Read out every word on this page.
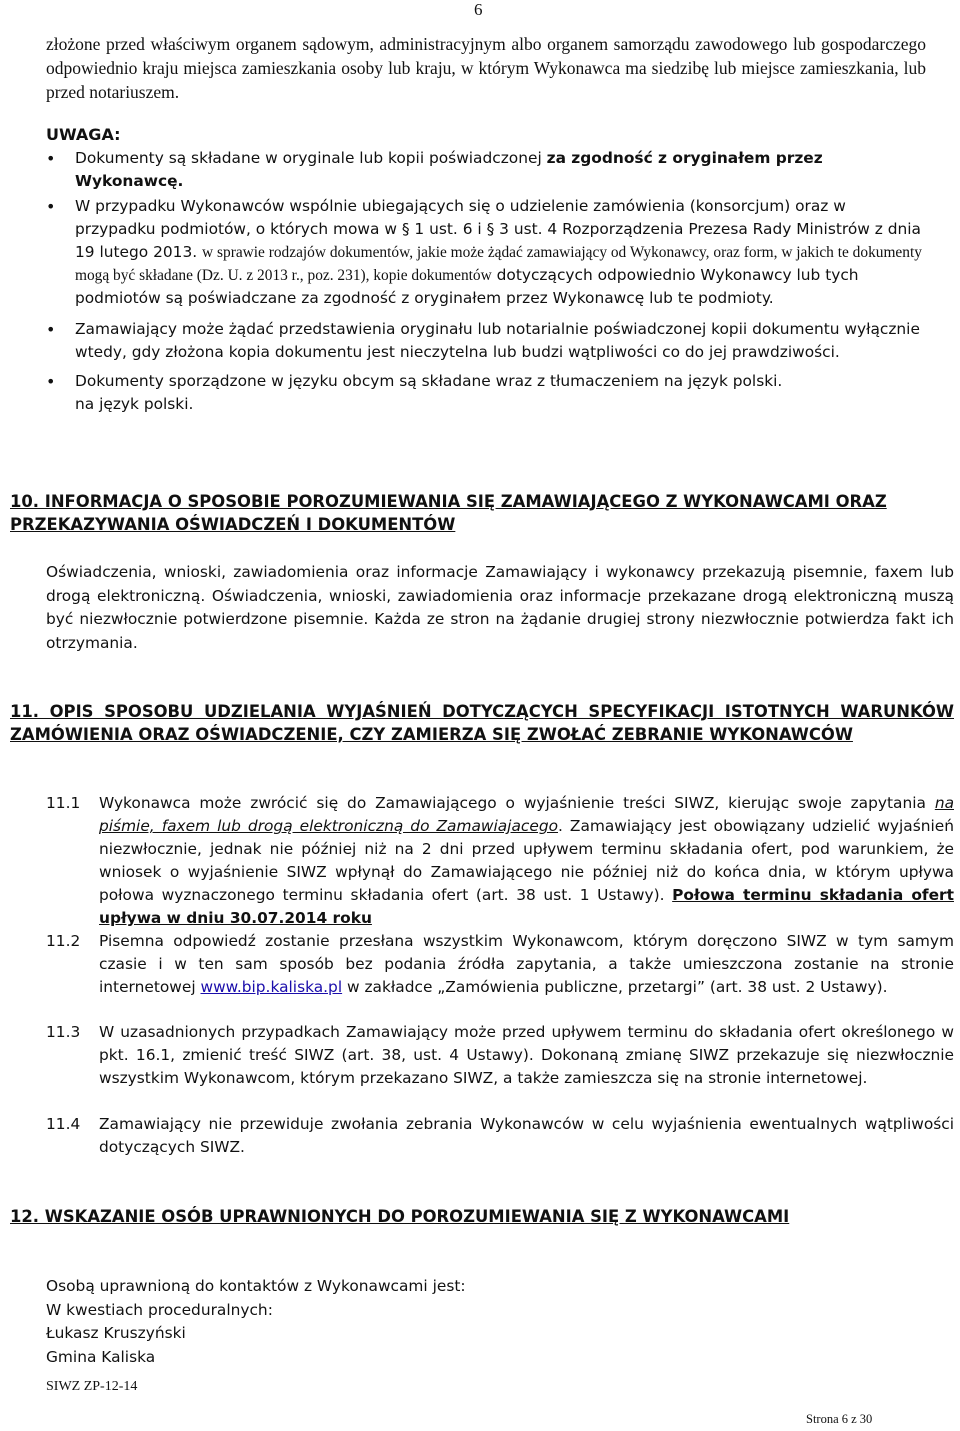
6

złożone przed właściwym organem sądowym, administracyjnym albo organem samorządu zawodowego lub gospodarczego odpowiednio kraju miejsca zamieszkania osoby lub kraju, w którym Wykonawca ma siedzibę lub miejsce zamieszkania, lub przed notariuszem.

UWAGA:
• Dokumenty są składane w oryginale lub kopii poświadczonej za zgodność z oryginałem przez Wykonawcę.
• W przypadku Wykonawców wspólnie ubiegających się o udzielenie zamówienia (konsorcjum) oraz w przypadku podmiotów, o których mowa w § 1 ust. 6 i § 3 ust. 4 Rozporządzenia Prezesa Rady Ministrów z dnia 19 lutego 2013. w sprawie rodzajów dokumentów, jakie może żądać zamawiający od Wykonawcy, oraz form, w jakich te dokumenty mogą być składane (Dz. U. z 2013 r., poz. 231), kopie dokumentów dotyczących odpowiednio Wykonawcy lub tych podmiotów są poświadczane za zgodność z oryginałem przez Wykonawcę lub te podmioty.
• Zamawiający może żądać przedstawienia oryginału lub notarialnie poświadczonej kopii dokumentu wyłącznie wtedy, gdy złożona kopia dokumentu jest nieczytelna lub budzi wątpliwości co do jej prawdziwości.
• Dokumenty sporządzone w języku obcym są składane wraz z tłumaczeniem na język polski.
na język polski.
10. INFORMACJA O SPOSOBIE POROZUMIEWANIA SIĘ ZAMAWIAJĄCEGO Z WYKONAWCAMI ORAZ PRZEKAZYWANIA OŚWIADCZEŃ I DOKUMENTÓW

Oświadczenia, wnioski, zawiadomienia oraz informacje Zamawiający i wykonawcy przekazują pisemnie, faxem lub drogą elektroniczną. Oświadczenia, wnioski, zawiadomienia oraz informacje przekazane drogą elektroniczną muszą być niezwłocznie potwierdzone pisemnie. Każda ze stron na żądanie drugiej strony niezwłocznie potwierdza fakt ich otrzymania.

11. OPIS SPOSOBU UDZIELANIA WYJAŚNIEŃ DOTYCZĄCYCH SPECYFIKACJI ISTOTNYCH WARUNKÓW ZAMÓWIENIA ORAZ OŚWIADCZENIE, CZY ZAMIERZA SIĘ ZWOŁAĆ ZEBRANIE WYKONAWCÓW
11.1	Wykonawca może zwrócić się do Zamawiającego o wyjaśnienie treści SIWZ, kierując swoje zapytania na piśmie, faxem lub drogą elektroniczną do Zamawiajacego. Zamawiający jest obowiązany udzielić wyjaśnień niezwłocznie, jednak nie później niż na 2 dni przed upływem terminu składania ofert, pod warunkiem, że wniosek o wyjaśnienie SIWZ wpłynął do Zamawiającego nie później niż do końca dnia, w którym upływa połowa wyznaczonego terminu składania ofert (art. 38 ust. 1 Ustawy). Połowa terminu składania ofert upływa w dniu 30.07.2014 roku

11.2	Pisemna odpowiedź zostanie przesłana wszystkim Wykonawcom, którym doręczono SIWZ w tym samym czasie i w ten sam sposób bez podania źródła zapytania, a także umieszczona zostanie na stronie internetowej www.bip.kaliska.pl w zakładce „Zamówienia publiczne, przetargi” (art. 38 ust. 2 Ustawy).

11.3	W uzasadnionych przypadkach Zamawiający może przed upływem terminu do składania ofert określonego w pkt. 16.1, zmienić treść SIWZ (art. 38, ust. 4 Ustawy). Dokonaną zmianę SIWZ przekazuje się niezwłocznie wszystkim Wykonawcom, którym przekazano SIWZ, a także zamieszcza się na stronie internetowej.

11.4	Zamawiający nie przewiduje zwołania zebrania Wykonawców w celu wyjaśnienia ewentualnych wątpliwości dotyczących SIWZ.

12. WSKAZANIE OSÓB UPRAWNIONYCH DO POROZUMIEWANIA SIĘ Z WYKONAWCAMI
Osobą uprawnioną do kontaktów z Wykonawcami jest:
W kwestiach proceduralnych:
Łukasz Kruszyński
Gmina Kaliska
SIWZ ZP-12-14
Strona 6 z 30
